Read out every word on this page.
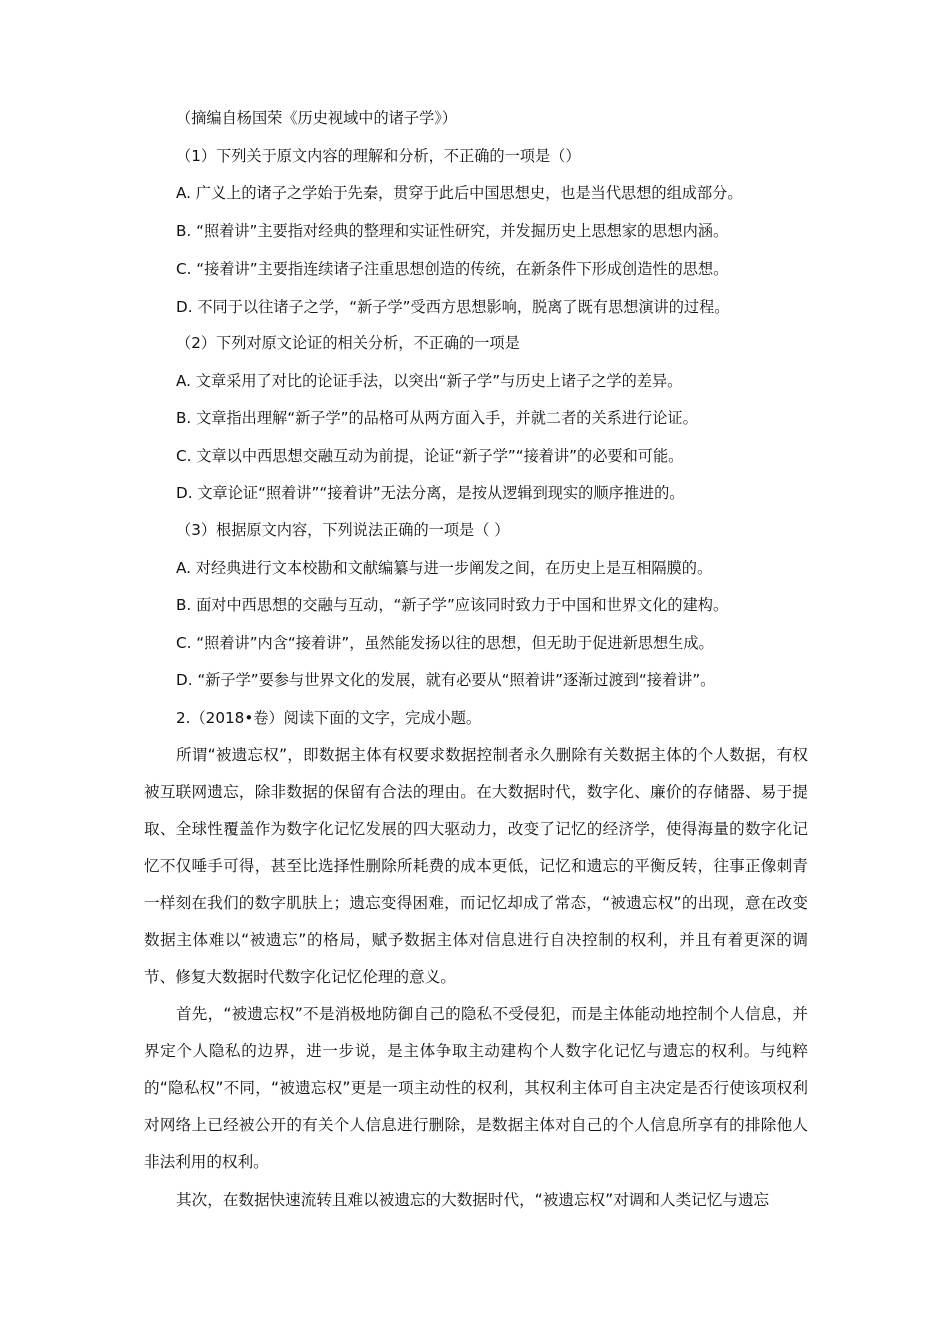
（摘编自杨国荣《历史视域中的诸子学》）
（1）下列关于原文内容的理解和分析，不正确的一项是（）
A. 广义上的诸子之学始于先秦，贯穿于此后中国思想史，也是当代思想的组成部分。
B. “照着讲”主要指对经典的整理和实证性研究，并发掘历史上思想家的思想内涵。
C. “接着讲”主要指连续诸子注重思想创造的传统，在新条件下形成创造性的思想。
D. 不同于以往诸子之学，“新子学”受西方思想影响，脱离了既有思想演讲的过程。
（2）下列对原文论证的相关分析，不正确的一项是
A. 文章采用了对比的论证手法，以突出“新子学”与历史上诸子之学的差异。
B. 文章指出理解“新子学”的品格可从两方面入手，并就二者的关系进行论证。
C. 文章以中西思想交融互动为前提，论证“新子学”“接着讲”的必要和可能。
D. 文章论证“照着讲”“接着讲”无法分离，是按从逻辑到现实的顺序推进的。
（3）根据原文内容，下列说法正确的一项是（ ）
A. 对经典进行文本校勘和文献编纂与进一步阐发之间，在历史上是互相隔膜的。
B. 面对中西思想的交融与互动，“新子学”应该同时致力于中国和世界文化的建构。
C. “照着讲”内含“接着讲”，虽然能发扬以往的思想，但无助于促进新思想生成。
D. “新子学”要参与世界文化的发展，就有必要从“照着讲”逐渐过渡到“接着讲”。
2.（2018•卷）阅读下面的文字，完成小题。

所谓“被遗忘权”，即数据主体有权要求数据控制者永久删除有关数据主体的个人数据，有权被互联网遗忘，除非数据的保留有合法的理由。在大数据时代，数字化、廉价的存储器、易于提取、全球性覆盖作为数字化记忆发展的四大驱动力，改变了记忆的经济学，使得海量的数字化记忆不仅唾手可得，甚至比选择性删除所耗费的成本更低，记忆和遗忘的平衡反转，往事正像刺青一样刻在我们的数字肌肤上；遗忘变得困难，而记忆却成了常态，“被遗忘权”的出现，意在改变数据主体难以“被遗忘”的格局，赋予数据主体对信息进行自决控制的权利，并且有着更深的调节、修复大数据时代数字化记忆伦理的意义。

首先，“被遗忘权”不是消极地防御自己的隐私不受侵犯，而是主体能动地控制个人信息，并界定个人隐私的边界，进一步说，是主体争取主动建构个人数字化记忆与遗忘的权利。与纯粹的“隐私权”不同，“被遗忘权”更是一项主动性的权利，其权利主体可自主决定是否行使该项权利对网络上已经被公开的有关个人信息进行删除，是数据主体对自己的个人信息所享有的排除他人非法利用的权利。

其次，在数据快速流转且难以被遗忘的大数据时代，“被遗忘权”对调和人类记忆与遗忘
